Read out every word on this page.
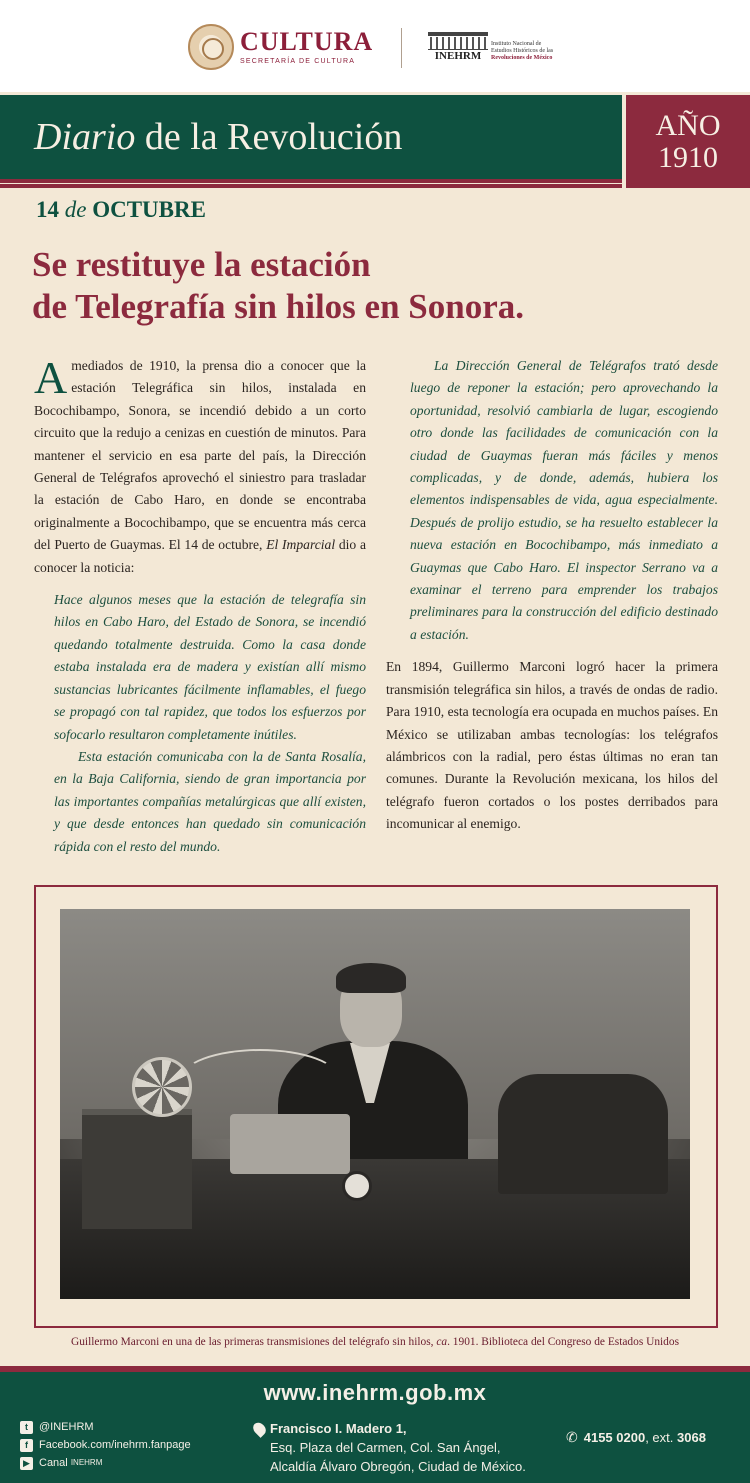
CULTURA
SECRETARÍA DE CULTURA	INEHRM
Instituto Nacional de
Estudios Históricos de las
Revoluciones de México
Diario de la Revolución	AÑO
1910
14 de OCTUBRE
Se restituye la estación
de Telegrafía sin hilos en Sonora.

A mediados de 1910, la prensa dio a conocer que la estación Telegráfica sin hilos, instalada en Bocochibampo, Sonora, se incendió debido a un corto circuito que la redujo a cenizas en cuestión de minutos. Para mantener el servicio en esa parte del país, la Dirección General de Telégrafos aprovechó el siniestro para trasladar la estación de Cabo Haro, en donde se encontraba originalmente a Bocochibampo, que se encuentra más cerca del Puerto de Guaymas. El 14 de octubre, El Imparcial dio a conocer la noticia:

Hace algunos meses que la estación de telegrafía sin hilos en Cabo Haro, del Estado de Sonora, se incendió quedando totalmente destruida. Como la casa donde estaba instalada era de madera y existían allí mismo sustancias lubricantes fácilmente inflamables, el fuego se propagó con tal rapidez, que todos los esfuerzos por sofocarlo resultaron completamente inútiles.

Esta estación comunicaba con la de Santa Rosalía, en la Baja California, siendo de gran importancia por las importantes compañías metalúrgicas que allí existen, y que desde entonces han quedado sin comunicación rápida con el resto del mundo.

La Dirección General de Telégrafos trató desde luego de reponer la estación; pero aprovechando la oportunidad, resolvió cambiarla de lugar, escogiendo otro donde las facilidades de comunicación con la ciudad de Guaymas fueran más fáciles y menos complicadas, y de donde, además, hubiera los elementos indispensables de vida, agua especialmente. Después de prolijo estudio, se ha resuelto establecer la nueva estación en Bocochibampo, más inmediato a Guaymas que Cabo Haro. El inspector Serrano va a examinar el terreno para emprender los trabajos preliminares para la construcción del edificio destinado a estación.

En 1894, Guillermo Marconi logró hacer la primera transmisión telegráfica sin hilos, a través de ondas de radio. Para 1910, esta tecnología era ocupada en muchos países. En México se utilizaban ambas tecnologías: los telégrafos alámbricos con la radial, pero éstas últimas no eran tan comunes. Durante la Revolución mexicana, los hilos del telégrafo fueron cortados o los postes derribados para incomunicar al enemigo.

Guillermo Marconi en una de las primeras transmisiones del telégrafo sin hilos, ca. 1901. Biblioteca del Congreso de Estados Unidos
www.inehrm.gob.mx
t	@INEHRM
f	Facebook.com/inehrm.fanpage
▶ Canal
INEHRM
Francisco I. Madero 1,
Esq. Plaza del Carmen, Col. San Ángel,
Alcaldía Álvaro Obregón, Ciudad de México.
✆ 4155 0200, ext. 3068
